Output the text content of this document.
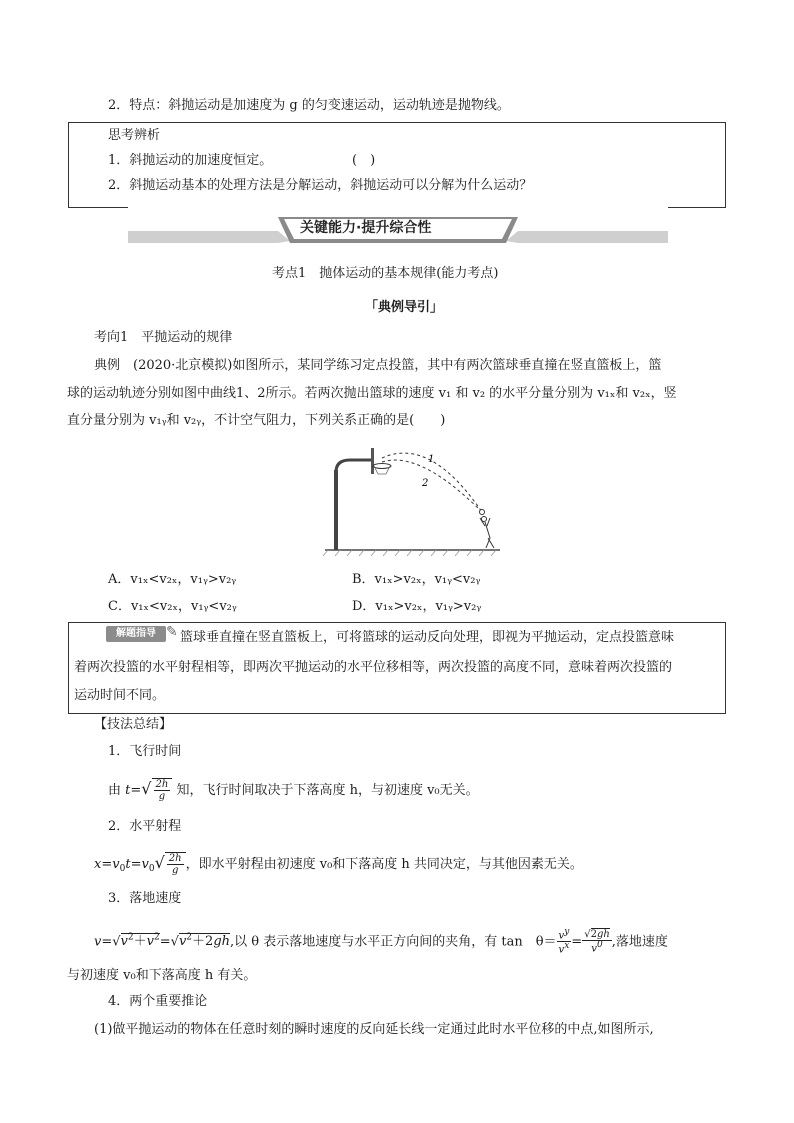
2．特点：斜抛运动是加速度为 g 的匀变速运动，运动轨迹是抛物线。
思考辨析
1．斜抛运动的加速度恒定。	(　)
2．斜抛运动基本的处理方法是分解运动，斜抛运动可以分解为什么运动？
关键能力·提升综合性
考点1　抛体运动的基本规律(能力考点)
「典例导引」
考向1　平抛运动的规律
典例　(2020·北京模拟)如图所示，某同学练习定点投篮，其中有两次篮球垂直撞在竖直篮板上，篮
球的运动轨迹分别如图中曲线1、2所示。若两次抛出篮球的速度 v₁ 和 v₂ 的水平分量分别为 v₁ₓ和 v₂ₓ，竖
直分量分别为 v₁ᵧ和 v₂ᵧ，不计空气阻力，下列关系正确的是(　　)
1
2
A．v₁ₓ<v₂ₓ，v₁ᵧ>v₂ᵧ	B．v₁ₓ>v₂ₓ，v₁ᵧ<v₂ᵧ
C．v₁ₓ<v₂ₓ，v₁ᵧ<v₂ᵧ	D．v₁ₓ>v₂ₓ，v₁ᵧ>v₂ᵧ
解题指导 ✎ 篮球垂直撞在竖直篮板上，可将篮球的运动反向处理，即视为平抛运动，定点投篮意味
着两次投篮的水平射程相等，即两次平抛运动的水平位移相等，两次投篮的高度不同，意味着两次投篮的
运动时间不同。
【技法总结】
1．飞行时间
由 $t=√ \frac{2h}{g}$ 知，飞行时间取决于下落高度 h，与初速度 v₀无关。
2．水平射程
$x=v_0t=v_0√ \frac{2h}{g}$ ，即水平射程由初速度 v₀和下落高度 h 共同决定，与其他因素无关。
3．落地速度
$v=√v^2+v^2=√v^2+2gh$,以 θ 表示落地速度与水平正方向间的夹角，有 tan　$\theta= \frac{v^y}{v^x} = \frac{√2gh}{v^0}$ ,落地速度
与初速度 v₀和下落高度 h 有关。
4．两个重要推论
(1)做平抛运动的物体在任意时刻的瞬时速度的反向延长线一定通过此时水平位移的中点,如图所示,
